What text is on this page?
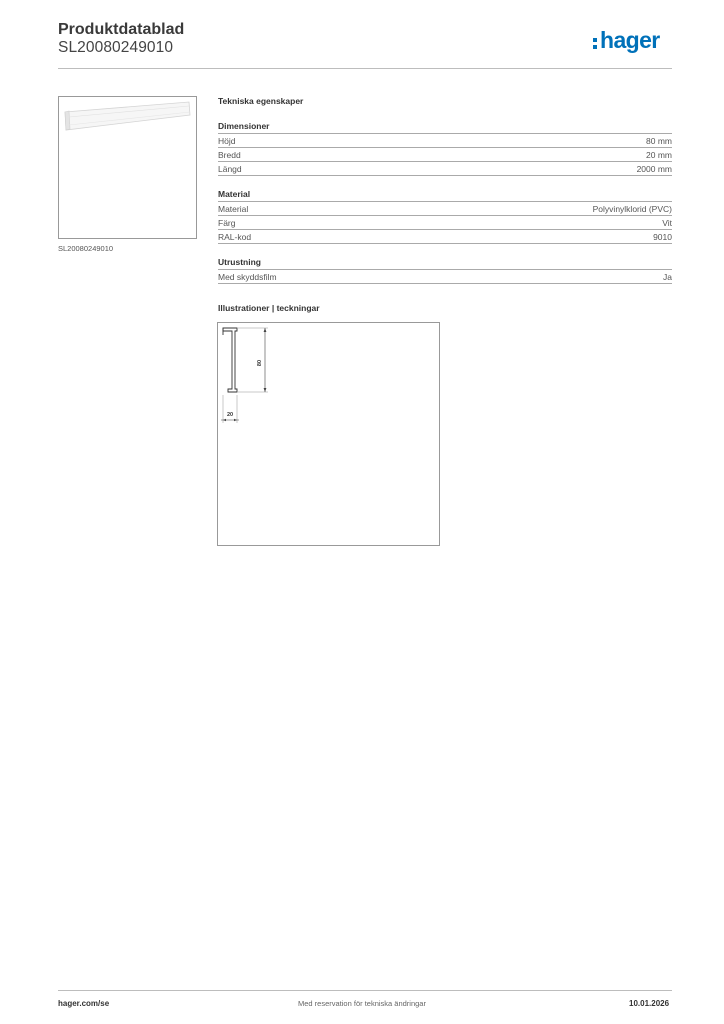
Produktdatablad
SL20080249010	hager
SL20080249010
Tekniska egenskaper
Dimensioner
Höjd	80 mm
Bredd	20 mm
Längd	2000 mm
Material
Material	Polyvinylklorid (PVC)
Färg	Vit
RAL-kod	9010
Utrustning
Med skyddsfilm	Ja
Illustrationer | teckningar
80
20
hager.com/se	Med reservation för tekniska ändringar	10.01.2026
